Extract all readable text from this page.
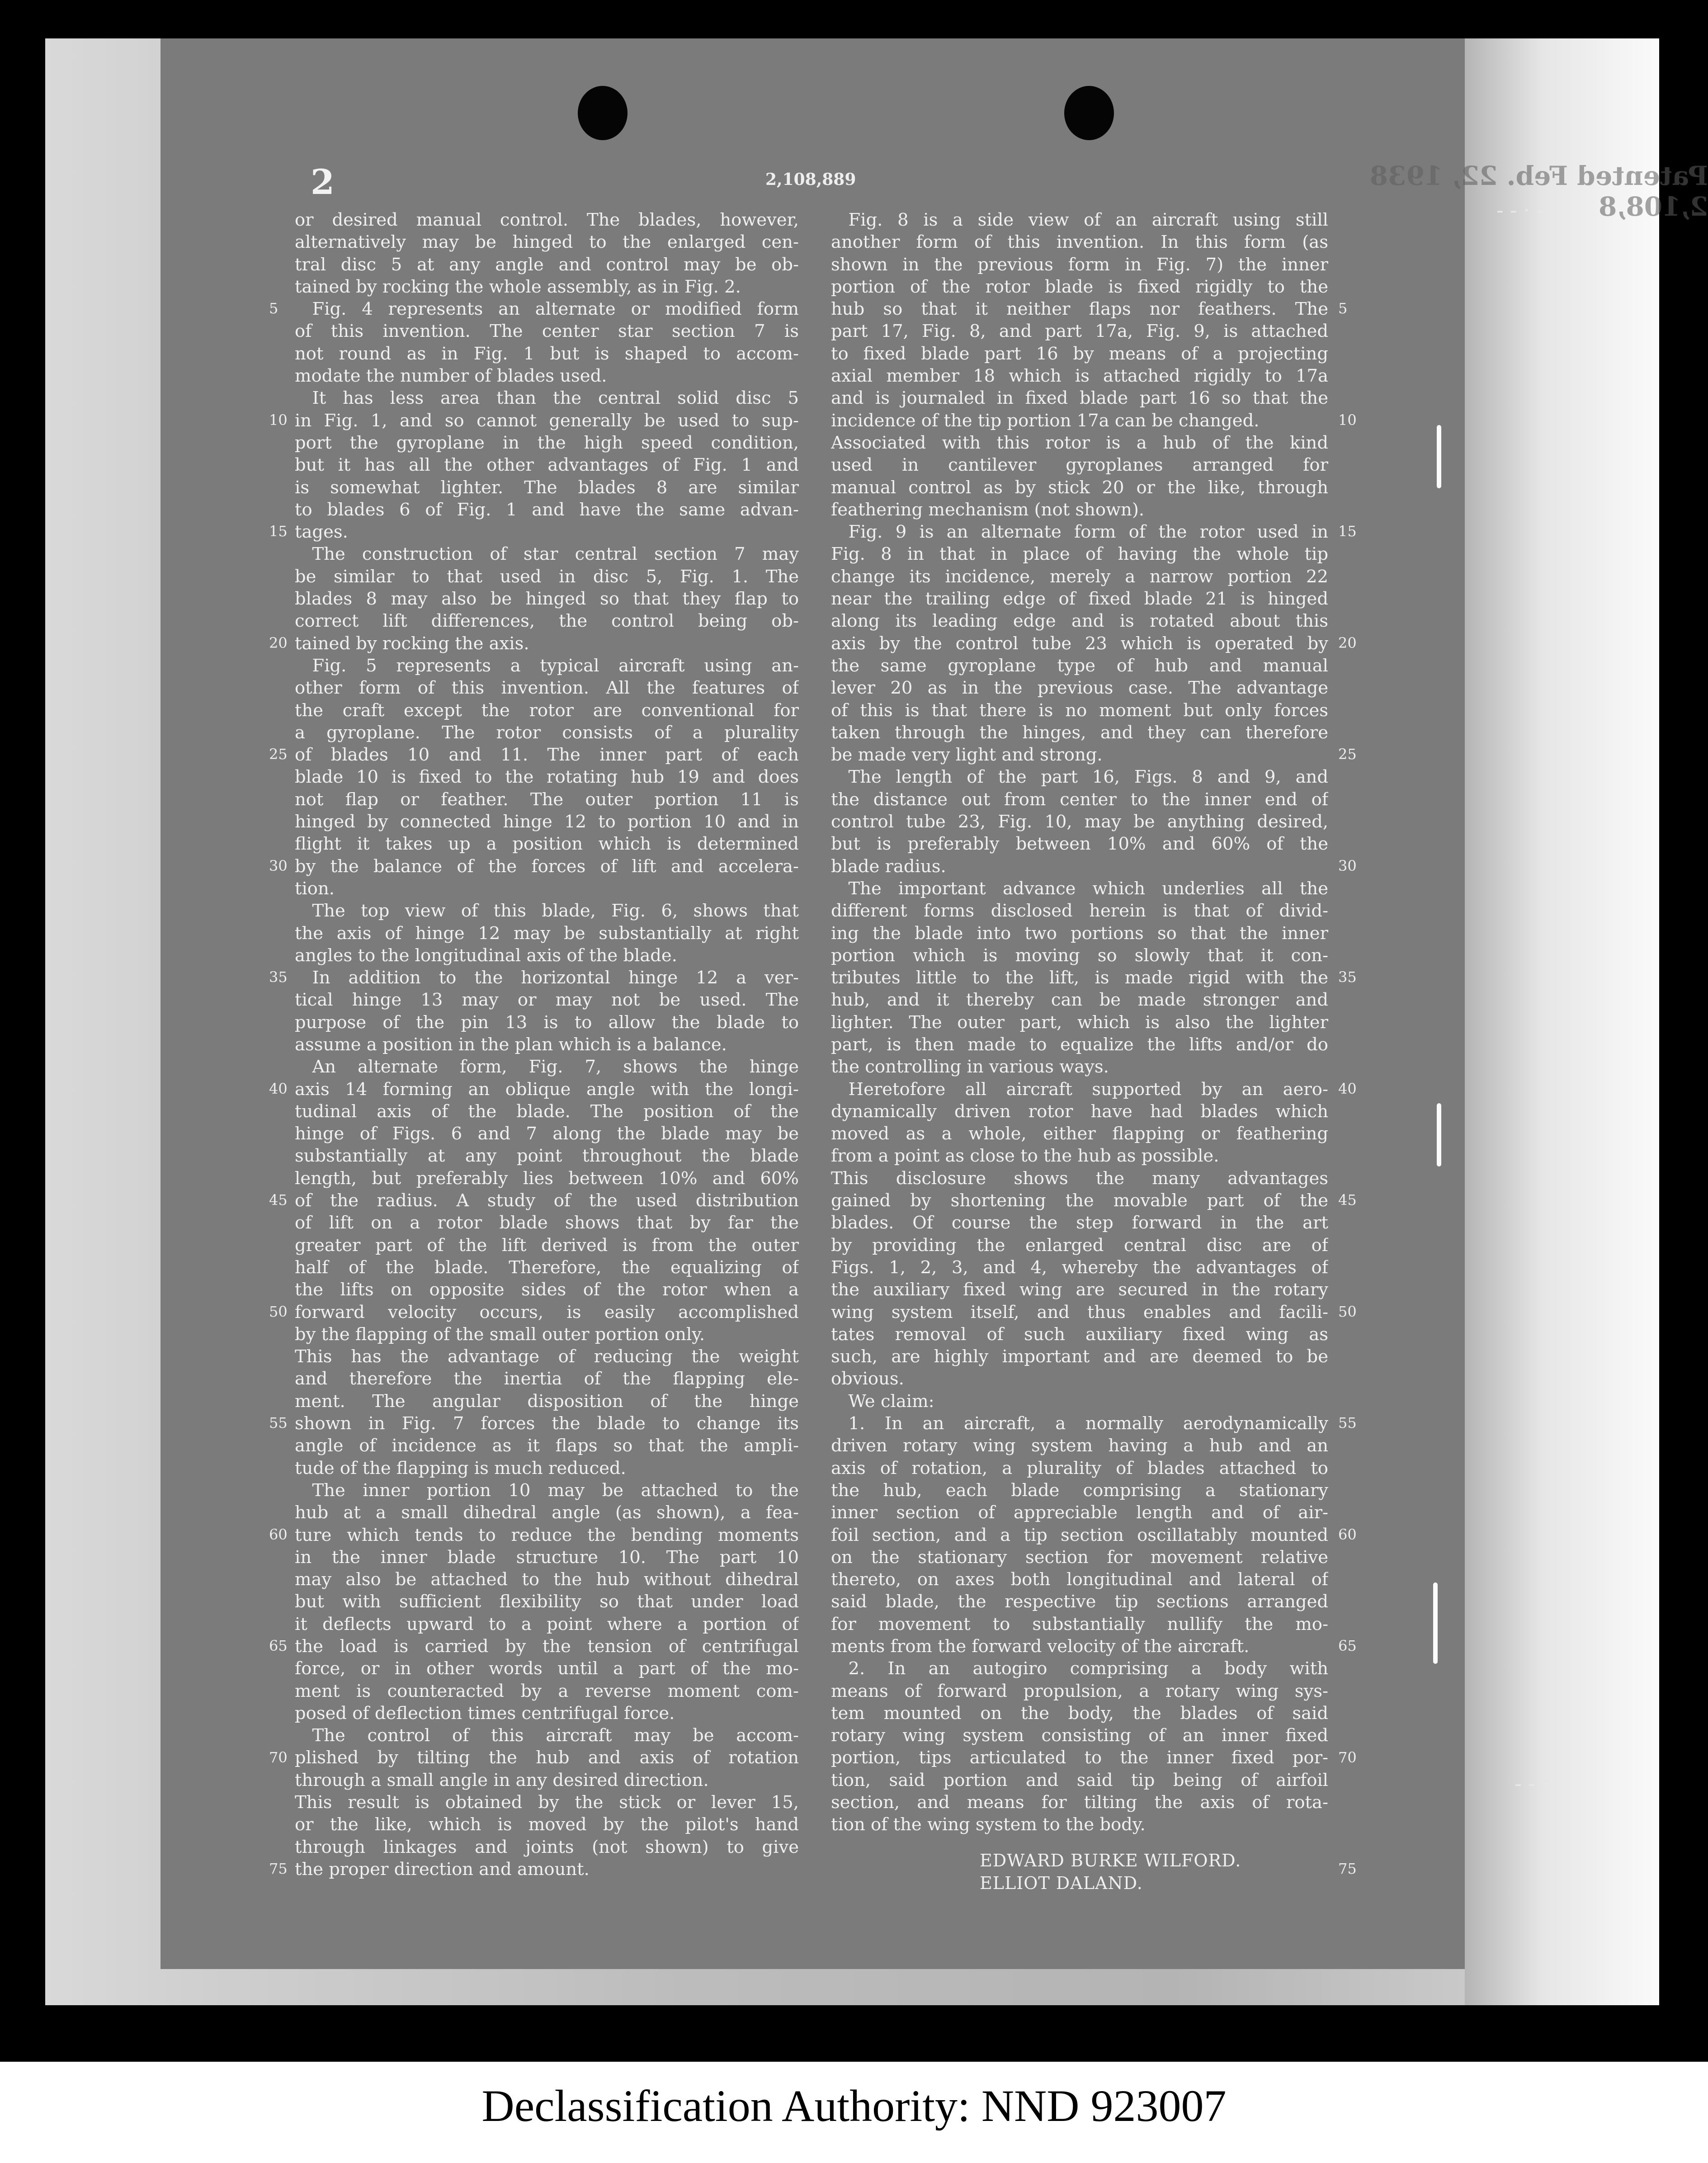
Patented Feb. 22, 1938 2,108,8
2	2,108,889
or desired manual control. The blades, however,
alternatively may be hinged to the enlarged cen-
tral disc 5 at any angle and control may be ob-
tained by rocking the whole assembly, as in Fig. 2.
 Fig. 4 represents an alternate or modified form
of this invention. The center star section 7 is
not round as in Fig. 1 but is shaped to accom-
modate the number of blades used.
 It has less area than the central solid disc 5
in Fig. 1, and so cannot generally be used to sup-
port the gyroplane in the high speed condition,
but it has all the other advantages of Fig. 1 and
is somewhat lighter. The blades 8 are similar
to blades 6 of Fig. 1 and have the same advan-
tages.
 The construction of star central section 7 may
be similar to that used in disc 5, Fig. 1. The
blades 8 may also be hinged so that they flap to
correct lift differences, the control being ob-
tained by rocking the axis.
 Fig. 5 represents a typical aircraft using an-
other form of this invention. All the features of
the craft except the rotor are conventional for
a gyroplane. The rotor consists of a plurality
of blades 10 and 11. The inner part of each
blade 10 is fixed to the rotating hub 19 and does
not flap or feather. The outer portion 11 is
hinged by connected hinge 12 to portion 10 and in
flight it takes up a position which is determined
by the balance of the forces of lift and accelera-
tion.
 The top view of this blade, Fig. 6, shows that
the axis of hinge 12 may be substantially at right
angles to the longitudinal axis of the blade.
 In addition to the horizontal hinge 12 a ver-
tical hinge 13 may or may not be used. The
purpose of the pin 13 is to allow the blade to
assume a position in the plan which is a balance.
 An alternate form, Fig. 7, shows the hinge
axis 14 forming an oblique angle with the longi-
tudinal axis of the blade. The position of the
hinge of Figs. 6 and 7 along the blade may be
substantially at any point throughout the blade
length, but preferably lies between 10% and 60%
of the radius. A study of the used distribution
of lift on a rotor blade shows that by far the
greater part of the lift derived is from the outer
half of the blade. Therefore, the equalizing of
the lifts on opposite sides of the rotor when a
forward velocity occurs, is easily accomplished
by the flapping of the small outer portion only.
This has the advantage of reducing the weight
and therefore the inertia of the flapping ele-
ment. The angular disposition of the hinge
shown in Fig. 7 forces the blade to change its
angle of incidence as it flaps so that the ampli-
tude of the flapping is much reduced.
 The inner portion 10 may be attached to the
hub at a small dihedral angle (as shown), a fea-
ture which tends to reduce the bending moments
in the inner blade structure 10. The part 10
may also be attached to the hub without dihedral
but with sufficient flexibility so that under load
it deflects upward to a point where a portion of
the load is carried by the tension of centrifugal
force, or in other words until a part of the mo-
ment is counteracted by a reverse moment com-
posed of deflection times centrifugal force.
 The control of this aircraft may be accom-
plished by tilting the hub and axis of rotation
through a small angle in any desired direction.
This result is obtained by the stick or lever 15,
or the like, which is moved by the pilot's hand
through linkages and joints (not shown) to give
the proper direction and amount.
 Fig. 8 is a side view of an aircraft using still
another form of this invention. In this form (as
shown in the previous form in Fig. 7) the inner
portion of the rotor blade is fixed rigidly to the
hub so that it neither flaps nor feathers. The
part 17, Fig. 8, and part 17a, Fig. 9, is attached
to fixed blade part 16 by means of a projecting
axial member 18 which is attached rigidly to 17a
and is journaled in fixed blade part 16 so that the
incidence of the tip portion 17a can be changed.
Associated with this rotor is a hub of the kind
used in cantilever gyroplanes arranged for
manual control as by stick 20 or the like, through
feathering mechanism (not shown).
 Fig. 9 is an alternate form of the rotor used in
Fig. 8 in that in place of having the whole tip
change its incidence, merely a narrow portion 22
near the trailing edge of fixed blade 21 is hinged
along its leading edge and is rotated about this
axis by the control tube 23 which is operated by
the same gyroplane type of hub and manual
lever 20 as in the previous case. The advantage
of this is that there is no moment but only forces
taken through the hinges, and they can therefore
be made very light and strong.
 The length of the part 16, Figs. 8 and 9, and
the distance out from center to the inner end of
control tube 23, Fig. 10, may be anything desired,
but is preferably between 10% and 60% of the
blade radius.
 The important advance which underlies all the
different forms disclosed herein is that of divid-
ing the blade into two portions so that the inner
portion which is moving so slowly that it con-
tributes little to the lift, is made rigid with the
hub, and it thereby can be made stronger and
lighter. The outer part, which is also the lighter
part, is then made to equalize the lifts and/or do
the controlling in various ways.
 Heretofore all aircraft supported by an aero-
dynamically driven rotor have had blades which
moved as a whole, either flapping or feathering
from a point as close to the hub as possible.
This disclosure shows the many advantages
gained by shortening the movable part of the
blades. Of course the step forward in the art
by providing the enlarged central disc are of
Figs. 1, 2, 3, and 4, whereby the advantages of
the auxiliary fixed wing are secured in the rotary
wing system itself, and thus enables and facili-
tates removal of such auxiliary fixed wing as
such, are highly important and are deemed to be
obvious.
 We claim:
 1. In an aircraft, a normally aerodynamically
driven rotary wing system having a hub and an
axis of rotation, a plurality of blades attached to
the hub, each blade comprising a stationary
inner section of appreciable length and of air-
foil section, and a tip section oscillatably mounted
on the stationary section for movement relative
thereto, on axes both longitudinal and lateral of
said blade, the respective tip sections arranged
for movement to substantially nullify the mo-
ments from the forward velocity of the aircraft.
 2. In an autogiro comprising a body with
means of forward propulsion, a rotary wing sys-
tem mounted on the body, the blades of said
rotary wing system consisting of an inner fixed
portion, tips articulated to the inner fixed por-
tion, said portion and said tip being of airfoil
section, and means for tilting the axis of rota-
tion of the wing system to the body.
5
10
15
20
25
30
35
40
45
50
55
60
65
70
75
5
10
15
20
25
30
35
40
45
50
55
60
65
70
75
EDWARD BURKE WILFORD.
ELLIOT DALAND.
- - · -
- - ·
Declassification Authority: NND 923007
